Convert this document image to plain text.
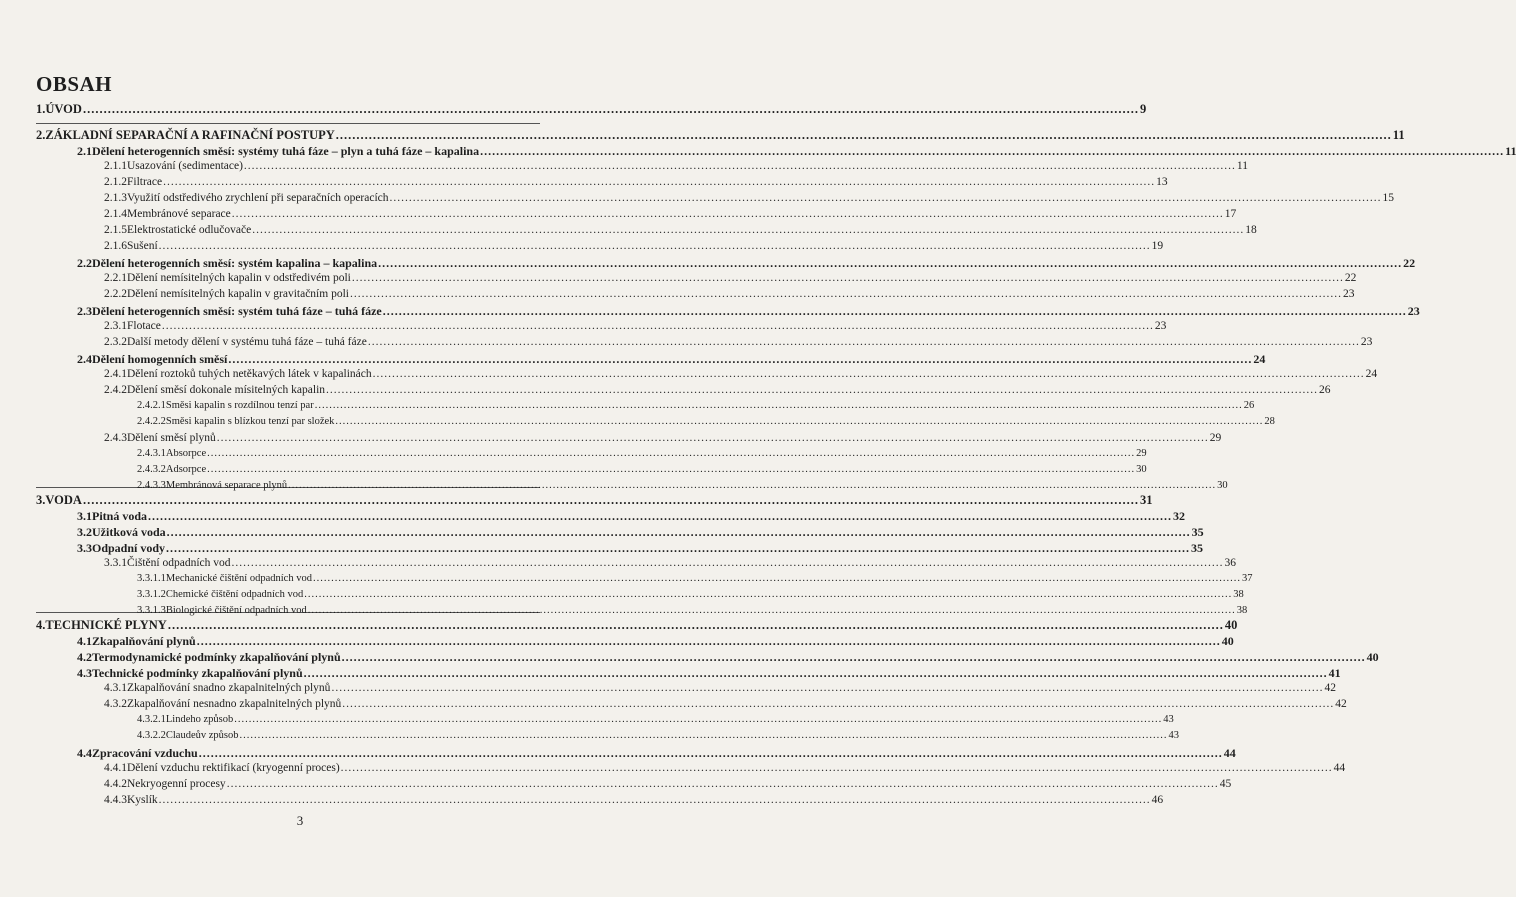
OBSAH
1. ÚVOD .....	9
2. ZÁKLADNÍ SEPARAČNÍ A RAFINAČNÍ POSTUPY .....	11
2.1 Dělení heterogenních směsí: systémy tuhá fáze – plyn a tuhá fáze – kapalina .....	11
2.1.1 Usazování (sedimentace) .....	11
2.1.2 Filtrace .....	13
2.1.3 Využití odstředivého zrychlení při separačních operacích .....	15
2.1.4 Membránové separace .....	17
2.1.5 Elektrostatické odlučovače .....	18
2.1.6 Sušení .....	19
2.2 Dělení heterogenních směsí: systém kapalina – kapalina .....	22
2.2.1 Dělení nemísitelných kapalin v odstředivém poli .....	22
2.2.2 Dělení nemísitelných kapalin v gravitačním poli .....	23
2.3 Dělení heterogenních směsí: systém tuhá fáze – tuhá fáze .....	23
2.3.1 Flotace .....	23
2.3.2 Další metody dělení v systému tuhá fáze – tuhá fáze .....	23
2.4 Dělení homogenních směsí .....	24
2.4.1 Dělení roztoků tuhých netěkavých látek v kapalinách .....	24
2.4.2 Dělení směsí dokonale mísitelných kapalin .....	26
2.4.2.1 Směsi kapalin s rozdílnou tenzí par .....	26
2.4.2.2 Směsi kapalin s blízkou tenzí par složek .....	28
2.4.3 Dělení směsí plynů .....	29
2.4.3.1 Absorpce .....	29
2.4.3.2 Adsorpce .....	30
2.4.3.3 Membránová separace plynů .....	30
3. VODA .....	31
3.1 Pitná voda .....	32
3.2 Užitková voda .....	35
3.3 Odpadní vody .....	35
3.3.1 Čištění odpadních vod .....	36
3.3.1.1 Mechanické čištění odpadních vod .....	37
3.3.1.2 Chemické čištění odpadních vod .....	38
3.3.1.3 Biologické čištění odpadních vod .....	38
4. TECHNICKÉ PLYNY .....	40
4.1 Zkapalňování plynů .....	40
4.2 Termodynamické podmínky zkapalňování plynů .....	40
4.3 Technické podmínky zkapalňování plynů .....	41
4.3.1 Zkapalňování snadno zkapalnitelných plynů .....	42
4.3.2 Zkapalňování nesnadno zkapalnitelných plynů .....	42
4.3.2.1 Lindeho způsob .....	43
4.3.2.2 Claudeův způsob .....	43
4.4 Zpracování vzduchu .....	44
4.4.1 Dělení vzduchu rektifikací (kryogenní proces) .....	44
4.4.2 Nekryogenní procesy .....	45
4.4.3 Kyslík .....	46
3
